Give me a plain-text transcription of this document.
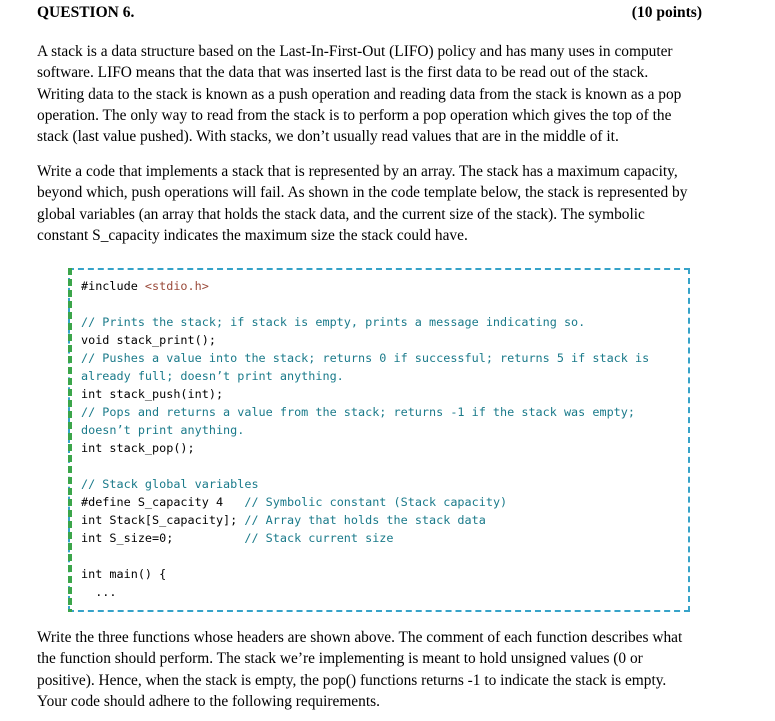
QUESTION 6.	(10 points)
A stack is a data structure based on the Last-In-First-Out (LIFO) policy and has many uses in computer
software. LIFO means that the data that was inserted last is the first data to be read out of the stack.
Writing data to the stack is known as a push operation and reading data from the stack is known as a pop
operation. The only way to read from the stack is to perform a pop operation which gives the top of the
stack (last value pushed). With stacks, we don’t usually read values that are in the middle of it.
Write a code that implements a stack that is represented by an array. The stack has a maximum capacity,
beyond which, push operations will fail. As shown in the code template below, the stack is represented by
global variables (an array that holds the stack data, and the current size of the stack). The symbolic
constant S_capacity indicates the maximum size the stack could have.
#include <stdio.h>

// Prints the stack; if stack is empty, prints a message indicating so.
void stack_print();
// Pushes a value into the stack; returns 0 if successful; returns 5 if stack is
already full; doesn’t print anything.
int stack_push(int);
// Pops and returns a value from the stack; returns -1 if the stack was empty;
doesn’t print anything.
int stack_pop();

// Stack global variables
#define S_capacity 4   // Symbolic constant (Stack capacity)
int Stack[S_capacity]; // Array that holds the stack data
int S_size=0;          // Stack current size

int main() {
...
Write the three functions whose headers are shown above. The comment of each function describes what
the function should perform. The stack we’re implementing is meant to hold unsigned values (0 or
positive). Hence, when the stack is empty, the pop() functions returns -1 to indicate the stack is empty.
Your code should adhere to the following requirements.
